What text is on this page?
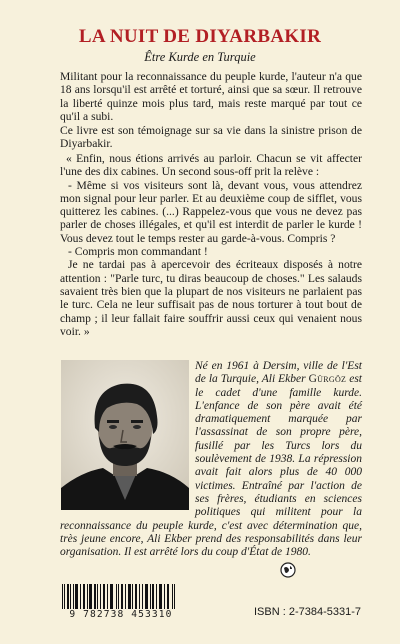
LA NUIT DE DIYARBAKIR
Être Kurde en Turquie

Militant pour la reconnaissance du peuple kurde, l'auteur n'a que 18 ans lorsqu'il est arrêté et torturé, ainsi que sa sœur. Il retrouve la liberté quinze mois plus tard, mais reste marqué par tout ce qu'il a subi.

Ce livre est son témoignage sur sa vie dans la sinistre prison de Diyarbakir.

« Enfin, nous étions arrivés au parloir. Chacun se vit affecter l'une des dix cabines. Un second sous-off prit la relève :

- Même si vos visiteurs sont là, devant vous, vous attendrez mon signal pour leur parler. Et au deuxième coup de sifflet, vous quitterez les cabines. (...) Rappelez-vous que vous ne devez pas parler de choses illégales, et qu'il est interdit de parler le kurde ! Vous devez tout le temps rester au garde-à-vous. Compris ?

- Compris mon commandant !

Je ne tardai pas à apercevoir des écriteaux disposés à notre attention : "Parle turc, tu diras beaucoup de choses." Les salauds savaient très bien que la plupart de nos visiteurs ne parlaient pas le turc. Cela ne leur suffisait pas de nous torturer à tout bout de champ ; il leur fallait faire souffrir aussi ceux qui venaient nous voir. »

Né en 1961 à Dersim, ville de l'Est de la Turquie, Ali Ekber Gürgöz est le cadet d'une famille kurde. L'enfance de son père avait été dramatiquement marquée par l'assassinat de son propre père, fusillé par les Turcs lors du soulèvement de 1938. La répression avait fait alors plus de 40 000 victimes. Entraîné par l'action de ses frères, étudiants en sciences politiques qui militent pour la reconnaissance du peuple kurde, c'est avec détermination que, très jeune encore, Ali Ekber prend des responsabilités dans leur organisation. Il est arrêté lors du coup d'État de 1980.
9 782738 453310	ISBN : 2-7384-5331-7
